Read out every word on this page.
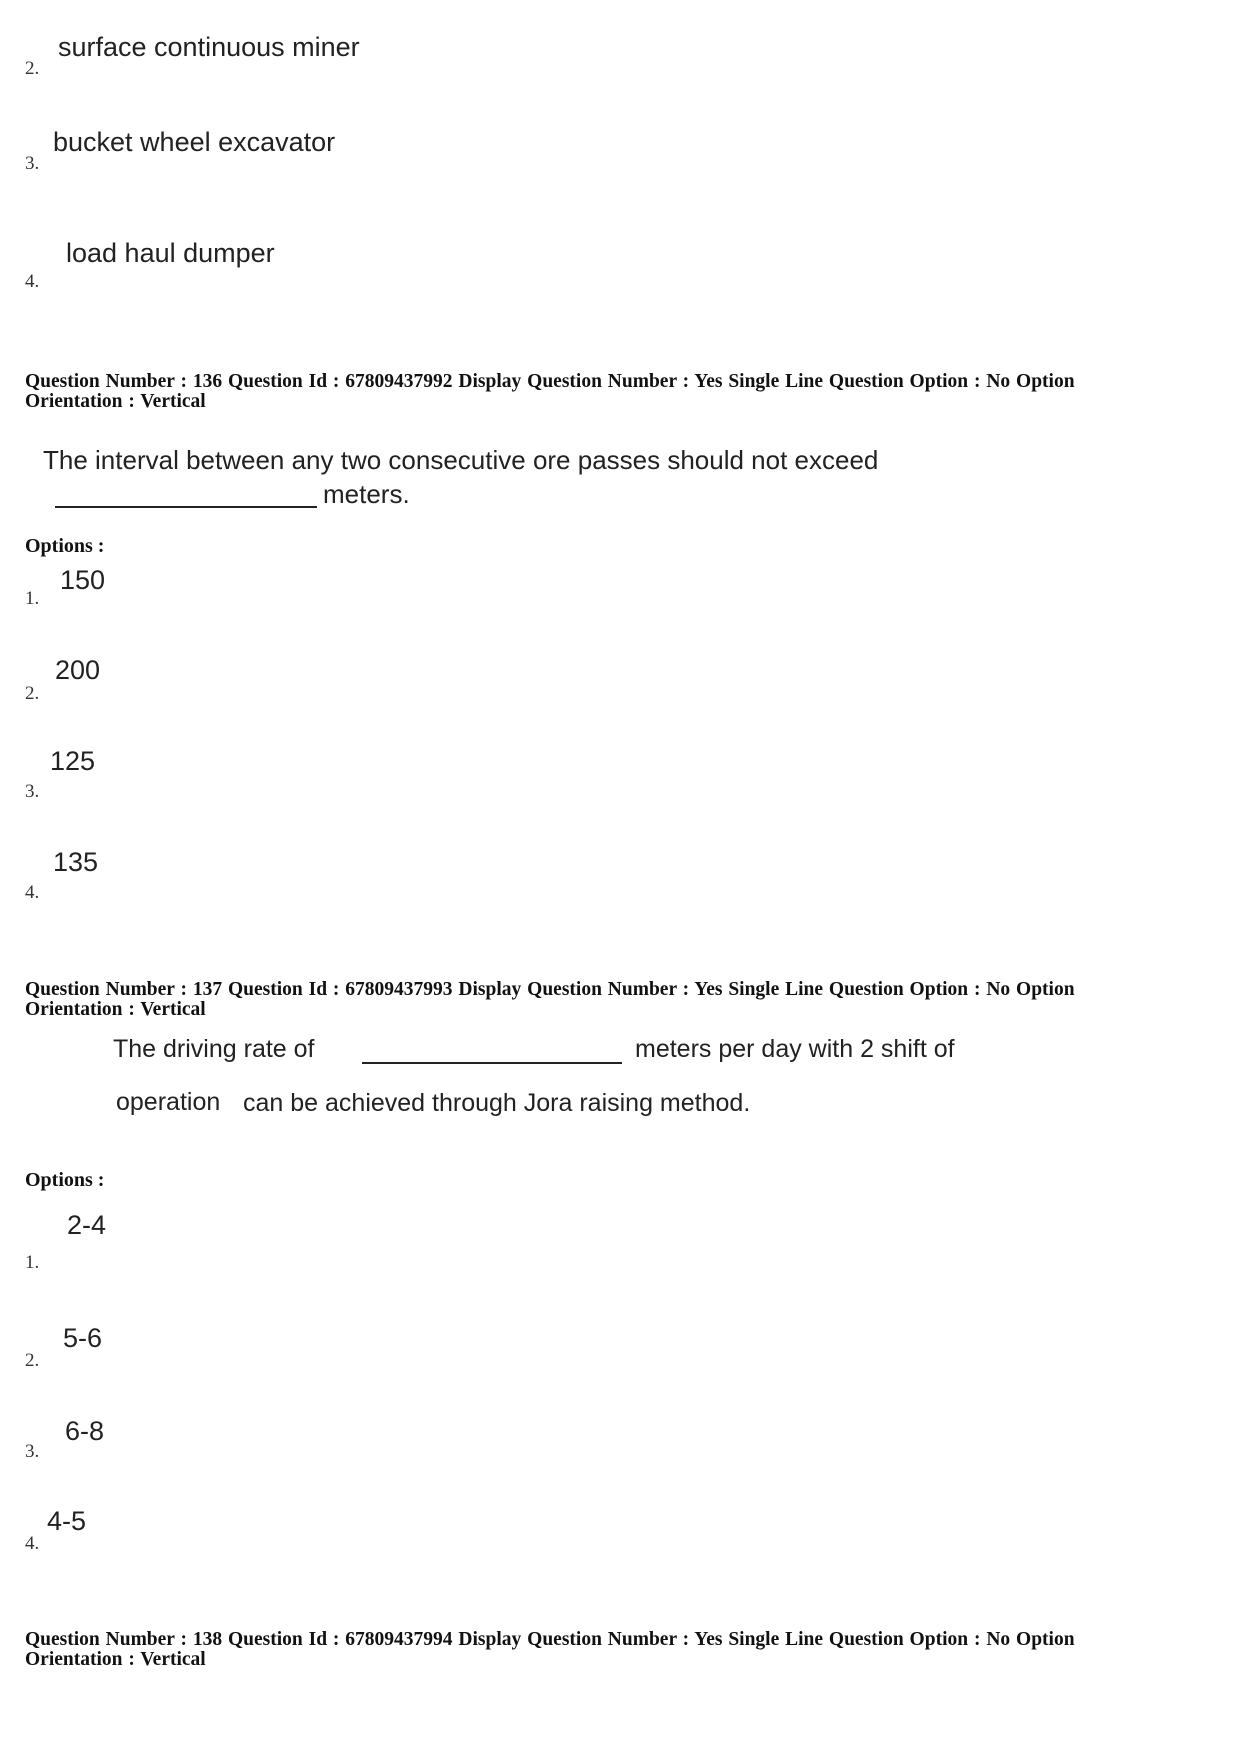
surface continuous miner
2.
bucket wheel excavator
3.
load haul dumper
4.
Question Number : 136 Question Id : 67809437992 Display Question Number : Yes Single Line Question Option : No Option
Orientation : Vertical
The interval between any two consecutive ore passes should not exceed
meters.
Options :
150
1.
200
2.
125
3.
135
4.
Question Number : 137 Question Id : 67809437993 Display Question Number : Yes Single Line Question Option : No Option
Orientation : Vertical
The driving rate of	meters per day with 2 shift of
operation can be achieved through Jora raising method.
Options :
2-4
1.
5-6
2.
6-8
3.
4-5
4.
Question Number : 138 Question Id : 67809437994 Display Question Number : Yes Single Line Question Option : No Option
Orientation : Vertical
